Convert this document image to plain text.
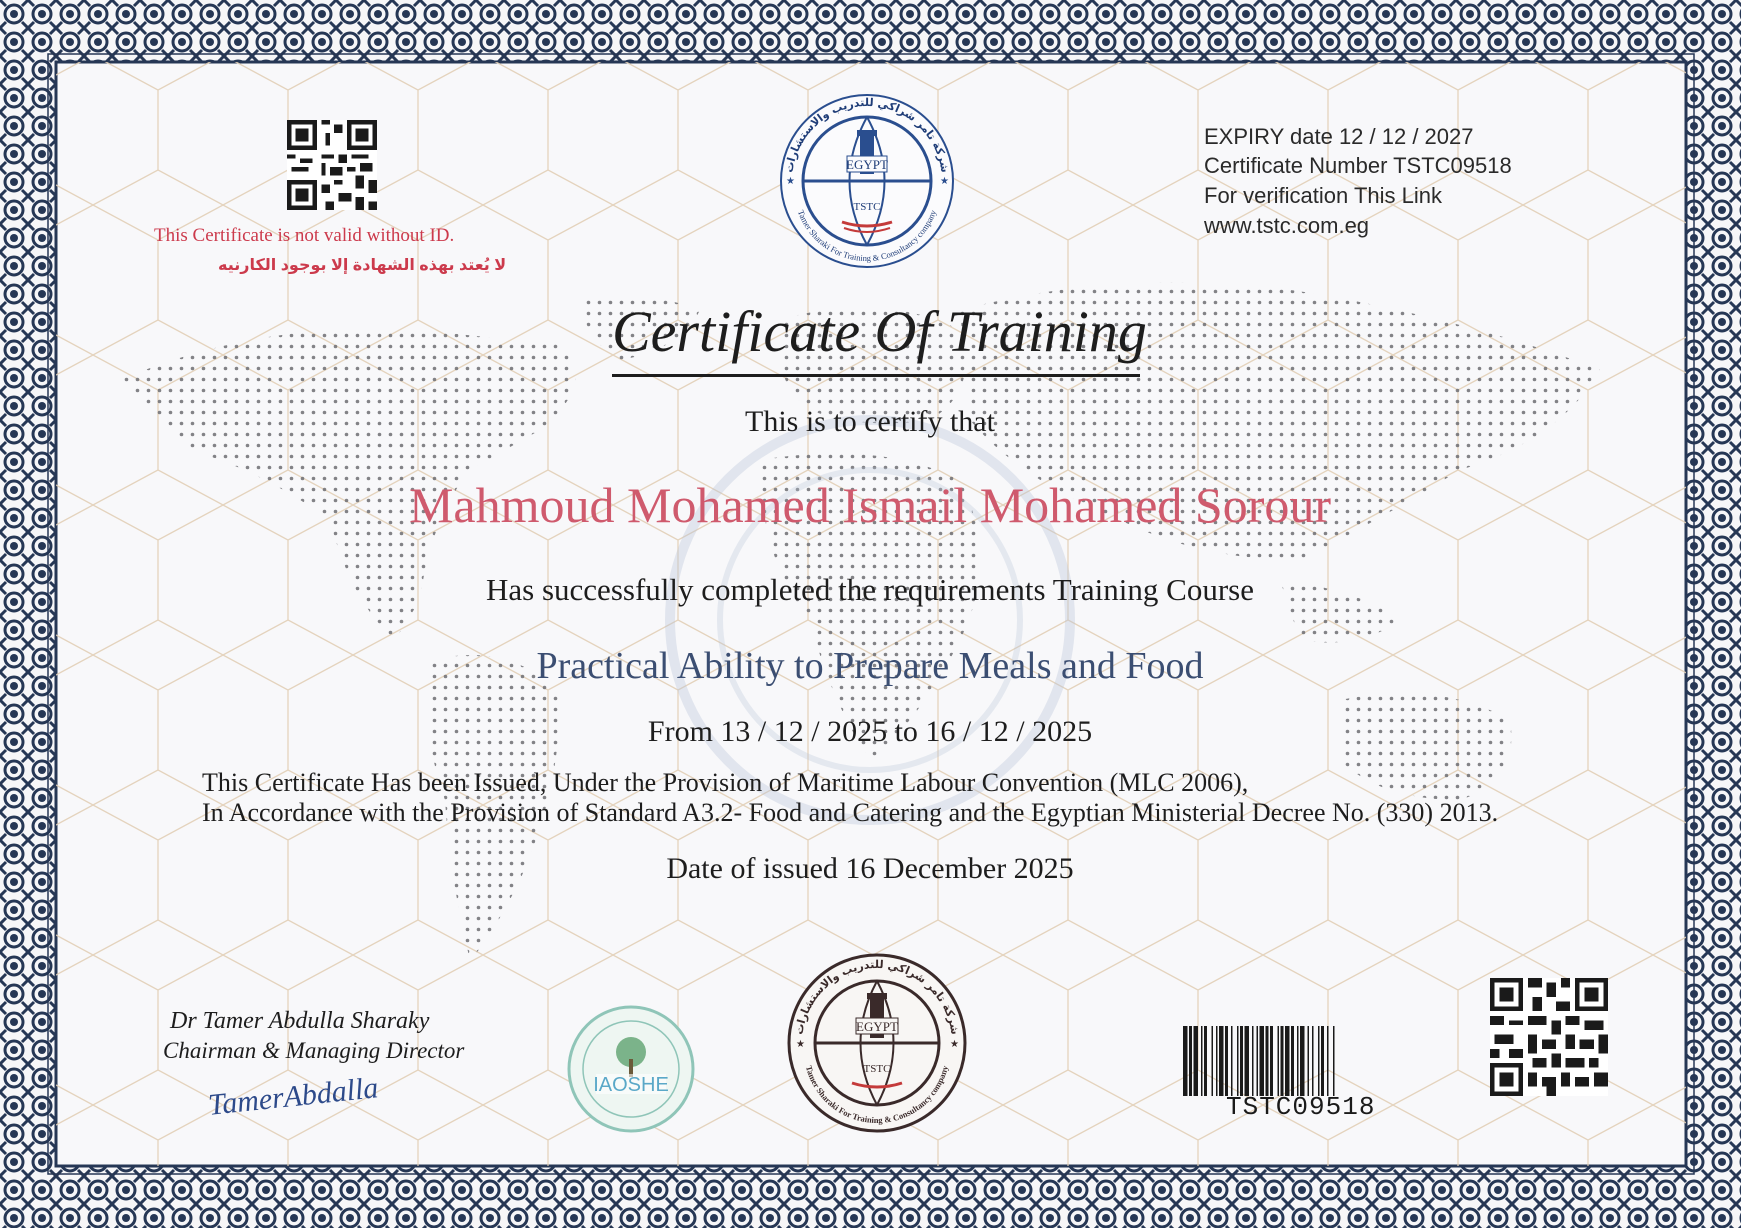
This Certificate is not valid without ID.
لا يُعتد بهذه الشهادة إلا بوجود الكارنيه
EGYPT
TSTC
شركة تامر شراكي للتدريب والاستشارات
Tamer Sharaki For Training & Consultancy company
★	★
EXPIRY date 12 / 12 / 2027
Certificate Number TSTC09518
For verification This Link
www.tstc.com.eg
Certificate Of Training
This is to certify that
Mahmoud Mohamed Ismail Mohamed Sorour
Has successfully completed the requirements Training Course
Practical Ability to Prepare Meals and Food
From 13 / 12 / 2025 to 16 / 12 / 2025
This Certificate Has been Issued, Under the Provision of Maritime Labour Convention (MLC 2006),
In Accordance with the Provision of Standard A3.2- Food and Catering and the Egyptian Ministerial Decree No. (330) 2013.
Date of issued 16 December 2025
Dr Tamer Abdulla Sharaky
Chairman & Managing Director
TamerAbdalla	IAOSHE
EGYPT
TSTC
شركة تامر شراكي للتدريب والاستشارات
Tamer Sharaki For Training & Consultancy company
★	★
TSTC09518
